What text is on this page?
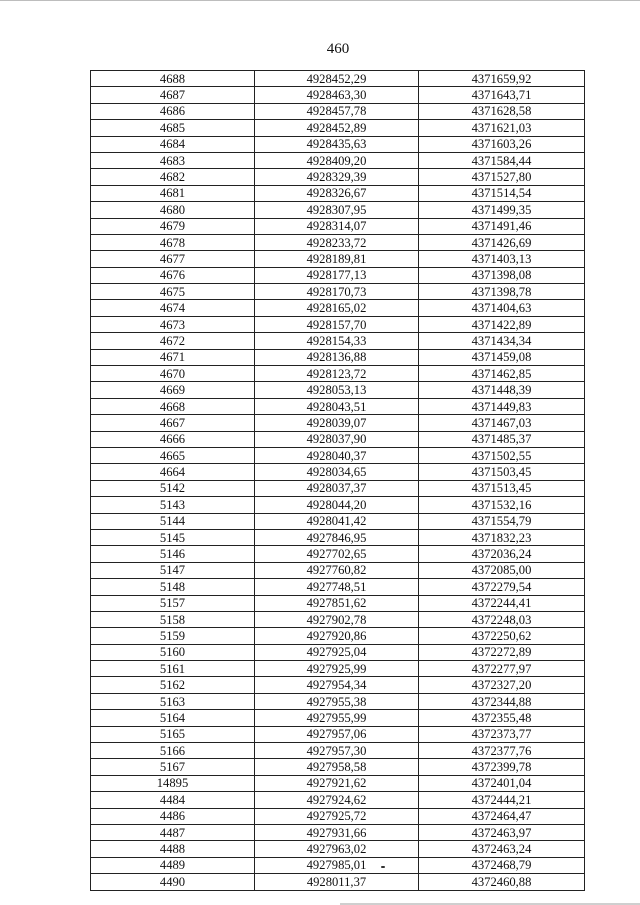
460
4688	4928452,29	4371659,92
4687	4928463,30	4371643,71
4686	4928457,78	4371628,58
4685	4928452,89	4371621,03
4684	4928435,63	4371603,26
4683	4928409,20	4371584,44
4682	4928329,39	4371527,80
4681	4928326,67	4371514,54
4680	4928307,95	4371499,35
4679	4928314,07	4371491,46
4678	4928233,72	4371426,69
4677	4928189,81	4371403,13
4676	4928177,13	4371398,08
4675	4928170,73	4371398,78
4674	4928165,02	4371404,63
4673	4928157,70	4371422,89
4672	4928154,33	4371434,34
4671	4928136,88	4371459,08
4670	4928123,72	4371462,85
4669	4928053,13	4371448,39
4668	4928043,51	4371449,83
4667	4928039,07	4371467,03
4666	4928037,90	4371485,37
4665	4928040,37	4371502,55
4664	4928034,65	4371503,45
5142	4928037,37	4371513,45
5143	4928044,20	4371532,16
5144	4928041,42	4371554,79
5145	4927846,95	4371832,23
5146	4927702,65	4372036,24
5147	4927760,82	4372085,00
5148	4927748,51	4372279,54
5157	4927851,62	4372244,41
5158	4927902,78	4372248,03
5159	4927920,86	4372250,62
5160	4927925,04	4372272,89
5161	4927925,99	4372277,97
5162	4927954,34	4372327,20
5163	4927955,38	4372344,88
5164	4927955,99	4372355,48
5165	4927957,06	4372373,77
5166	4927957,30	4372377,76
5167	4927958,58	4372399,78
14895	4927921,62	4372401,04
4484	4927924,62	4372444,21
4486	4927925,72	4372464,47
4487	4927931,66	4372463,97
4488	4927963,02	4372463,24
4489	4927985,01	4372468,79
4490	4928011,37	4372460,88
